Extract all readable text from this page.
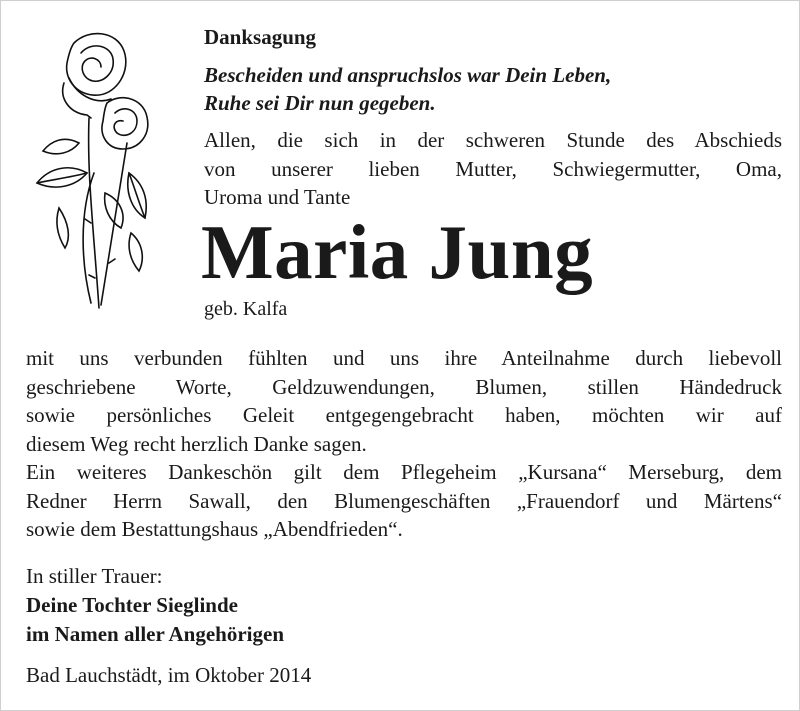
Danksagung
Bescheiden und anspruchslos war Dein Leben,
Ruhe sei Dir nun gegeben.
Allen, die sich in der schweren Stunde des Abschieds
von unserer lieben Mutter, Schwiegermutter, Oma,
Uroma und Tante
Maria Jung
geb. Kalfa
mit uns verbunden fühlten und uns ihre Anteilnahme durch liebevoll
geschriebene Worte, Geldzuwendungen, Blumen, stillen Händedruck
sowie persönliches Geleit entgegengebracht haben, möchten wir auf
diesem Weg recht herzlich Danke sagen.
Ein weiteres Dankeschön gilt dem Pflegeheim „Kursana“ Merseburg, dem
Redner Herrn Sawall, den Blumengeschäften „Frauendorf und Märtens“
sowie dem Bestattungshaus „Abendfrieden“.
In stiller Trauer:
Deine Tochter Sieglinde
im Namen aller Angehörigen
Bad Lauchstädt, im Oktober 2014
